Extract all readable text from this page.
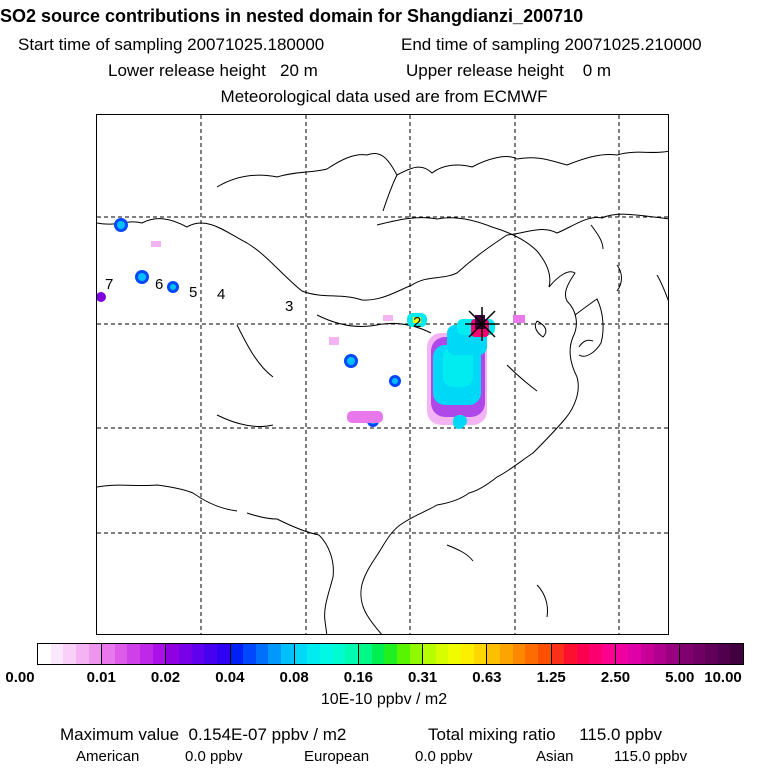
SO2 source contributions in nested domain for Shangdianzi_200710
Start time of sampling 20071025.180000	End time of sampling 20071025.210000
Lower release height 20 m	Upper release height 0 m
Meteorological data used are from ECMWF
7	6 5 4
3
2
0.00	0.01 0.02 0.04 0.08 0.16 0.31 0.63 1.25 2.50 5.00 10.00
10E-10 ppbv / m2
Maximum value 0.154E-07 ppbv / m2	Total mixing ratio 115.0 ppbv
American	0.0 ppbv	European	0.0 ppbv	Asian	115.0 ppbv
